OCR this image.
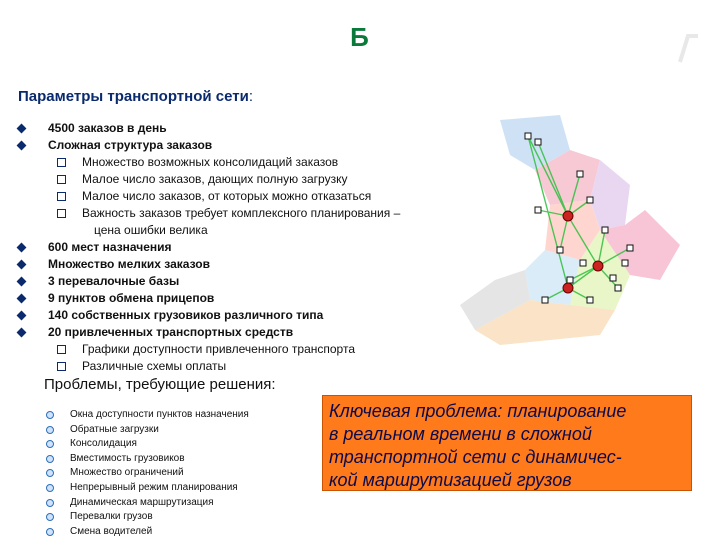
Б
Параметры транспортной сети:
4500 заказов в день
Сложная структура заказов
Множество возможных консолидаций заказов
Малое число заказов, дающих полную загрузку
Малое число заказов, от которых можно отказаться
Важность заказов требует комплексного планирования –
цена ошибки велика
600 мест назначения
Множество мелких заказов
3 перевалочные базы
9 пунктов обмена прицепов
140 собственных грузовиков различного типа
20 привлеченных транспортных средств
Графики доступности привлеченного транспорта
Различные схемы оплаты
Проблемы, требующие решения:
Окна доступности пунктов назначения
Обратные загрузки
Консолидация
Вместимость грузовиков
Множество ограничений
Непрерывный режим планирования
Динамическая маршрутизация
Перевалки грузов
Смена водителей
Ключевая проблема: планирование
в реальном времени в сложной
транспортной сети с динамичес-
кой маршрутизацией грузов
